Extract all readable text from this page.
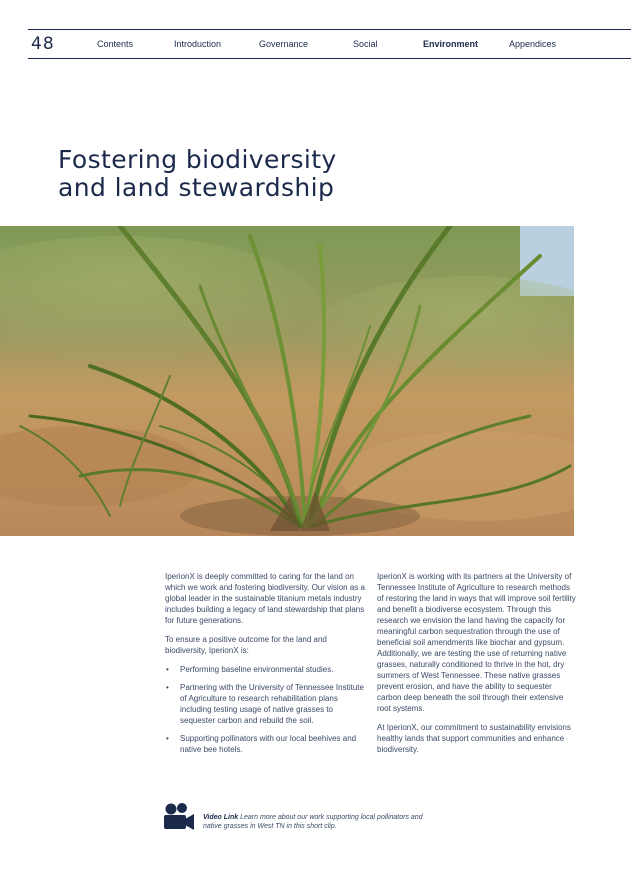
48	Contents	Introduction	Governance	Social	Environment	Appendices
Fostering biodiversity
and land stewardship

IperionX is deeply committed to caring for the land on which we work and fostering biodiversity. Our vision as a global leader in the sustainable titanium metals industry includes building a legacy of land stewardship that plans for future generations.

To ensure a positive outcome for the land and biodiversity, IperionX is:

• Performing baseline environmental studies.
• Partnering with the University of Tennessee Institute of Agriculture to research rehabilitation plans including testing usage of native grasses to sequester carbon and rebuild the soil.
• Supporting pollinators with our local beehives and native bee hotels.

IperionX is working with its partners at the University of Tennessee Institute of Agriculture to research methods of restoring the land in ways that will improve soil fertility and benefit a biodiverse ecosystem. Through this research we envision the land having the capacity for meaningful carbon sequestration through the use of beneficial soil amendments like biochar and gypsum. Additionally, we are testing the use of returning native grasses, naturally conditioned to thrive in the hot, dry summers of West Tennessee. These native grasses prevent erosion, and have the ability to sequester carbon deep beneath the soil through their extensive root systems.

At IperionX, our commitment to sustainability envisions healthy lands that support communities and enhance biodiversity.

Video Link Learn more about our work supporting local pollinators and native grasses in West TN in this short clip.
